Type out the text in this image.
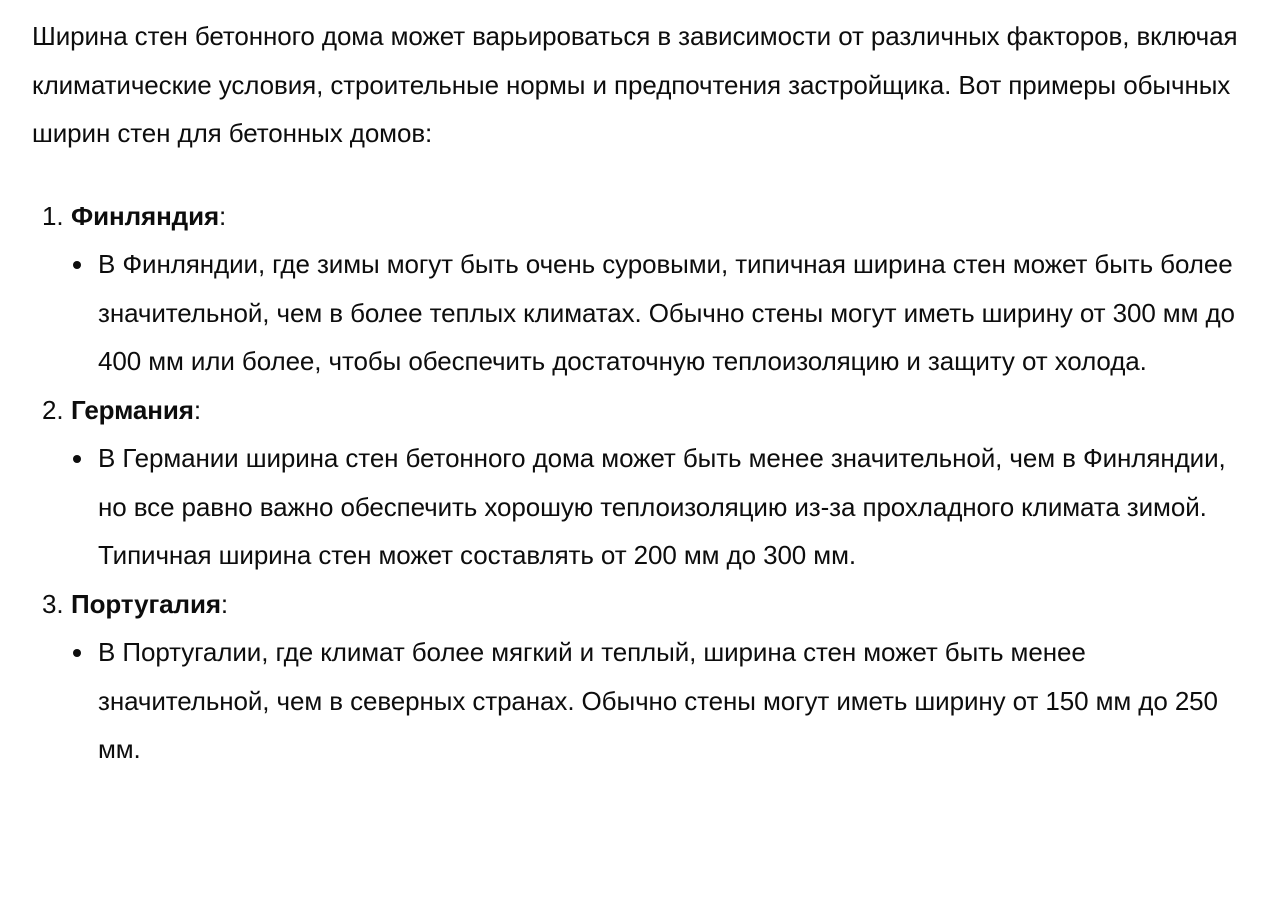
Ширина стен бетонного дома может варьироваться в зависимости от различных факторов, включая климатические условия, строительные нормы и предпочтения застройщика. Вот примеры обычных ширин стен для бетонных домов:

1. Финляндия :
В Финляндии, где зимы могут быть очень суровыми, типичная ширина стен может быть более значительной, чем в более теплых климатах. Обычно стены могут иметь ширину от 300 мм до 400 мм или более, чтобы обеспечить достаточную теплоизоляцию и защиту от холода.
2. Германия :
В Германии ширина стен бетонного дома может быть менее значительной, чем в Финляндии, но все равно важно обеспечить хорошую теплоизоляцию из-за прохладного климата зимой. Типичная ширина стен может составлять от 200 мм до 300 мм.
3. Португалия :
В Португалии, где климат более мягкий и теплый, ширина стен может быть менее значительной, чем в северных странах. Обычно стены могут иметь ширину от 150 мм до 250 мм.
